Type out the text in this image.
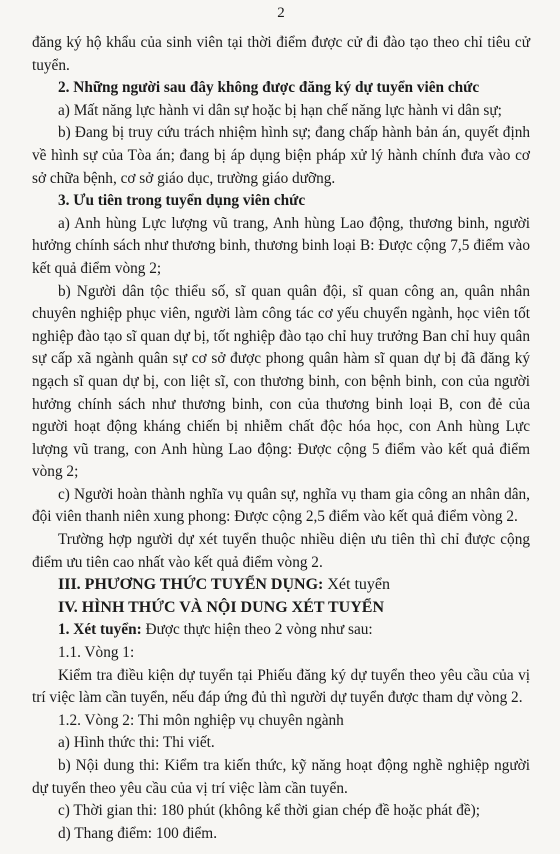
2

đăng ký hộ khẩu của sinh viên tại thời điểm được cử đi đào tạo theo chỉ tiêu cử tuyển.

2. Những người sau đây không được đăng ký dự tuyển viên chức

a) Mất năng lực hành vi dân sự hoặc bị hạn chế năng lực hành vi dân sự;

b) Đang bị truy cứu trách nhiệm hình sự; đang chấp hành bản án, quyết định về hình sự của Tòa án; đang bị áp dụng biện pháp xử lý hành chính đưa vào cơ sở chữa bệnh, cơ sở giáo dục, trường giáo dưỡng.

3. Ưu tiên trong tuyển dụng viên chức

a) Anh hùng Lực lượng vũ trang, Anh hùng Lao động, thương binh, người hưởng chính sách như thương binh, thương binh loại B: Được cộng 7,5 điểm vào kết quả điểm vòng 2;

b) Người dân tộc thiểu số, sĩ quan quân đội, sĩ quan công an, quân nhân chuyên nghiệp phục viên, người làm công tác cơ yếu chuyển ngành, học viên tốt nghiệp đào tạo sĩ quan dự bị, tốt nghiệp đào tạo chỉ huy trưởng Ban chỉ huy quân sự cấp xã ngành quân sự cơ sở được phong quân hàm sĩ quan dự bị đã đăng ký ngạch sĩ quan dự bị, con liệt sĩ, con thương binh, con bệnh binh, con của người hưởng chính sách như thương binh, con của thương binh loại B, con đẻ của người hoạt động kháng chiến bị nhiễm chất độc hóa học, con Anh hùng Lực lượng vũ trang, con Anh hùng Lao động: Được cộng 5 điểm vào kết quả điểm vòng 2;

c) Người hoàn thành nghĩa vụ quân sự, nghĩa vụ tham gia công an nhân dân, đội viên thanh niên xung phong: Được cộng 2,5 điểm vào kết quả điểm vòng 2.

Trường hợp người dự xét tuyển thuộc nhiều diện ưu tiên thì chỉ được cộng điểm ưu tiên cao nhất vào kết quả điểm vòng 2.

III. PHƯƠNG THỨC TUYỂN DỤNG: Xét tuyển

IV. HÌNH THỨC VÀ NỘI DUNG XÉT TUYỂN

1. Xét tuyển: Được thực hiện theo 2 vòng như sau:

1.1. Vòng 1:

Kiểm tra điều kiện dự tuyển tại Phiếu đăng ký dự tuyển theo yêu cầu của vị trí việc làm cần tuyển, nếu đáp ứng đủ thì người dự tuyển được tham dự vòng 2.

1.2. Vòng 2: Thi môn nghiệp vụ chuyên ngành

a) Hình thức thi: Thi viết.

b) Nội dung thi: Kiểm tra kiến thức, kỹ năng hoạt động nghề nghiệp người dự tuyển theo yêu cầu của vị trí việc làm cần tuyển.

c) Thời gian thi: 180 phút (không kể thời gian chép đề hoặc phát đề);

d) Thang điểm: 100 điểm.
